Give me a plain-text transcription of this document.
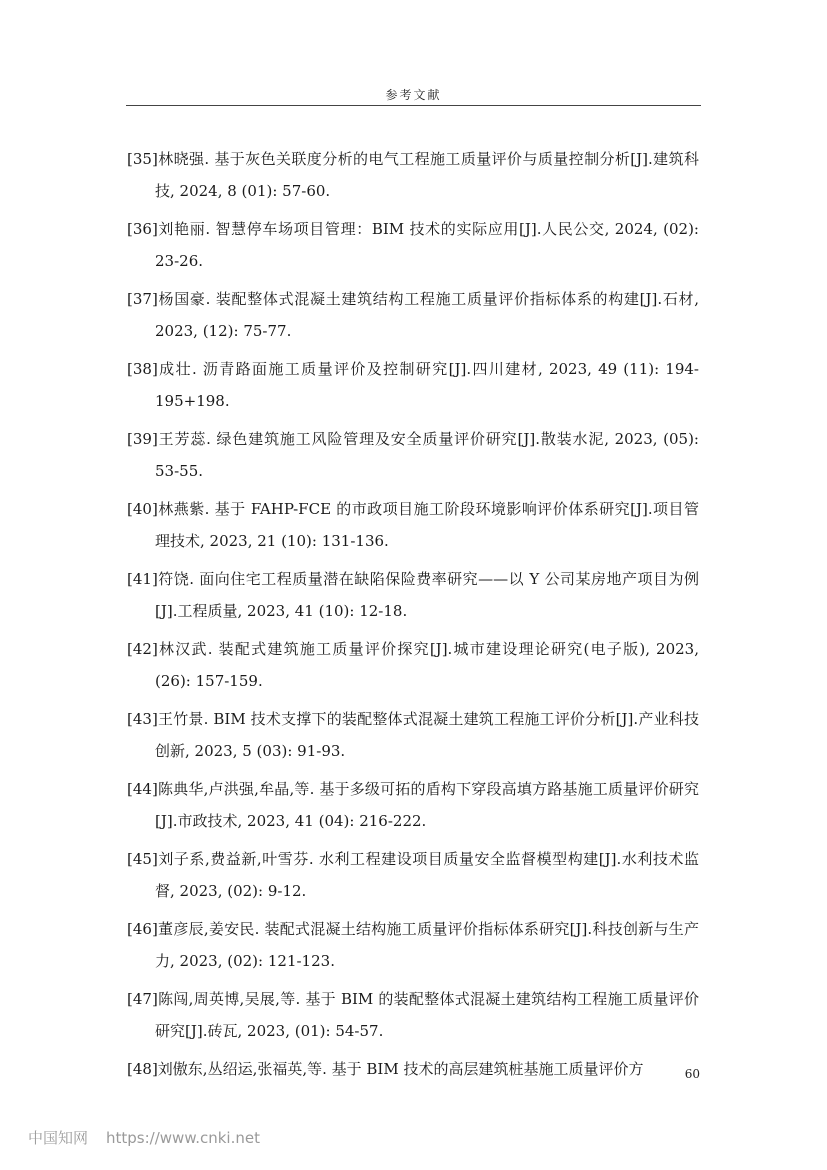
参考文献
[35]林晓强. 基于灰色关联度分析的电气工程施工质量评价与质量控制分析[J].建筑科技, 2024, 8 (01): 57-60.
[36]刘艳丽. 智慧停车场项目管理：BIM 技术的实际应用[J].人民公交, 2024, (02): 23-26.
[37]杨国豪. 装配整体式混凝土建筑结构工程施工质量评价指标体系的构建[J].石材, 2023, (12): 75-77.
[38]成壮. 沥青路面施工质量评价及控制研究[J].四川建材, 2023, 49 (11): 194-195+198.
[39]王芳蕊. 绿色建筑施工风险管理及安全质量评价研究[J].散装水泥, 2023, (05): 53-55.
[40]林燕紫. 基于 FAHP-FCE 的市政项目施工阶段环境影响评价体系研究[J].项目管理技术, 2023, 21 (10): 131-136.
[41]符饶. 面向住宅工程质量潜在缺陷保险费率研究——以 Y 公司某房地产项目为例[J].工程质量, 2023, 41 (10): 12-18.
[42]林汉武. 装配式建筑施工质量评价探究[J].城市建设理论研究(电子版), 2023, (26): 157-159.
[43]王竹景. BIM 技术支撑下的装配整体式混凝土建筑工程施工评价分析[J].产业科技创新, 2023, 5 (03): 91-93.
[44]陈典华,卢洪强,牟晶,等. 基于多级可拓的盾构下穿段高填方路基施工质量评价研究[J].市政技术, 2023, 41 (04): 216-222.
[45]刘子系,费益新,叶雪芬. 水利工程建设项目质量安全监督模型构建[J].水利技术监督, 2023, (02): 9-12.
[46]董彦辰,姜安民. 装配式混凝土结构施工质量评价指标体系研究[J].科技创新与生产力, 2023, (02): 121-123.
[47]陈闯,周英博,吴展,等. 基于 BIM 的装配整体式混凝土建筑结构工程施工质量评价研究[J].砖瓦, 2023, (01): 54-57.
[48]刘傲东,丛绍运,张福英,等. 基于 BIM 技术的高层建筑桩基施工质量评价方	60
中国知网 https://www.cnki.net
